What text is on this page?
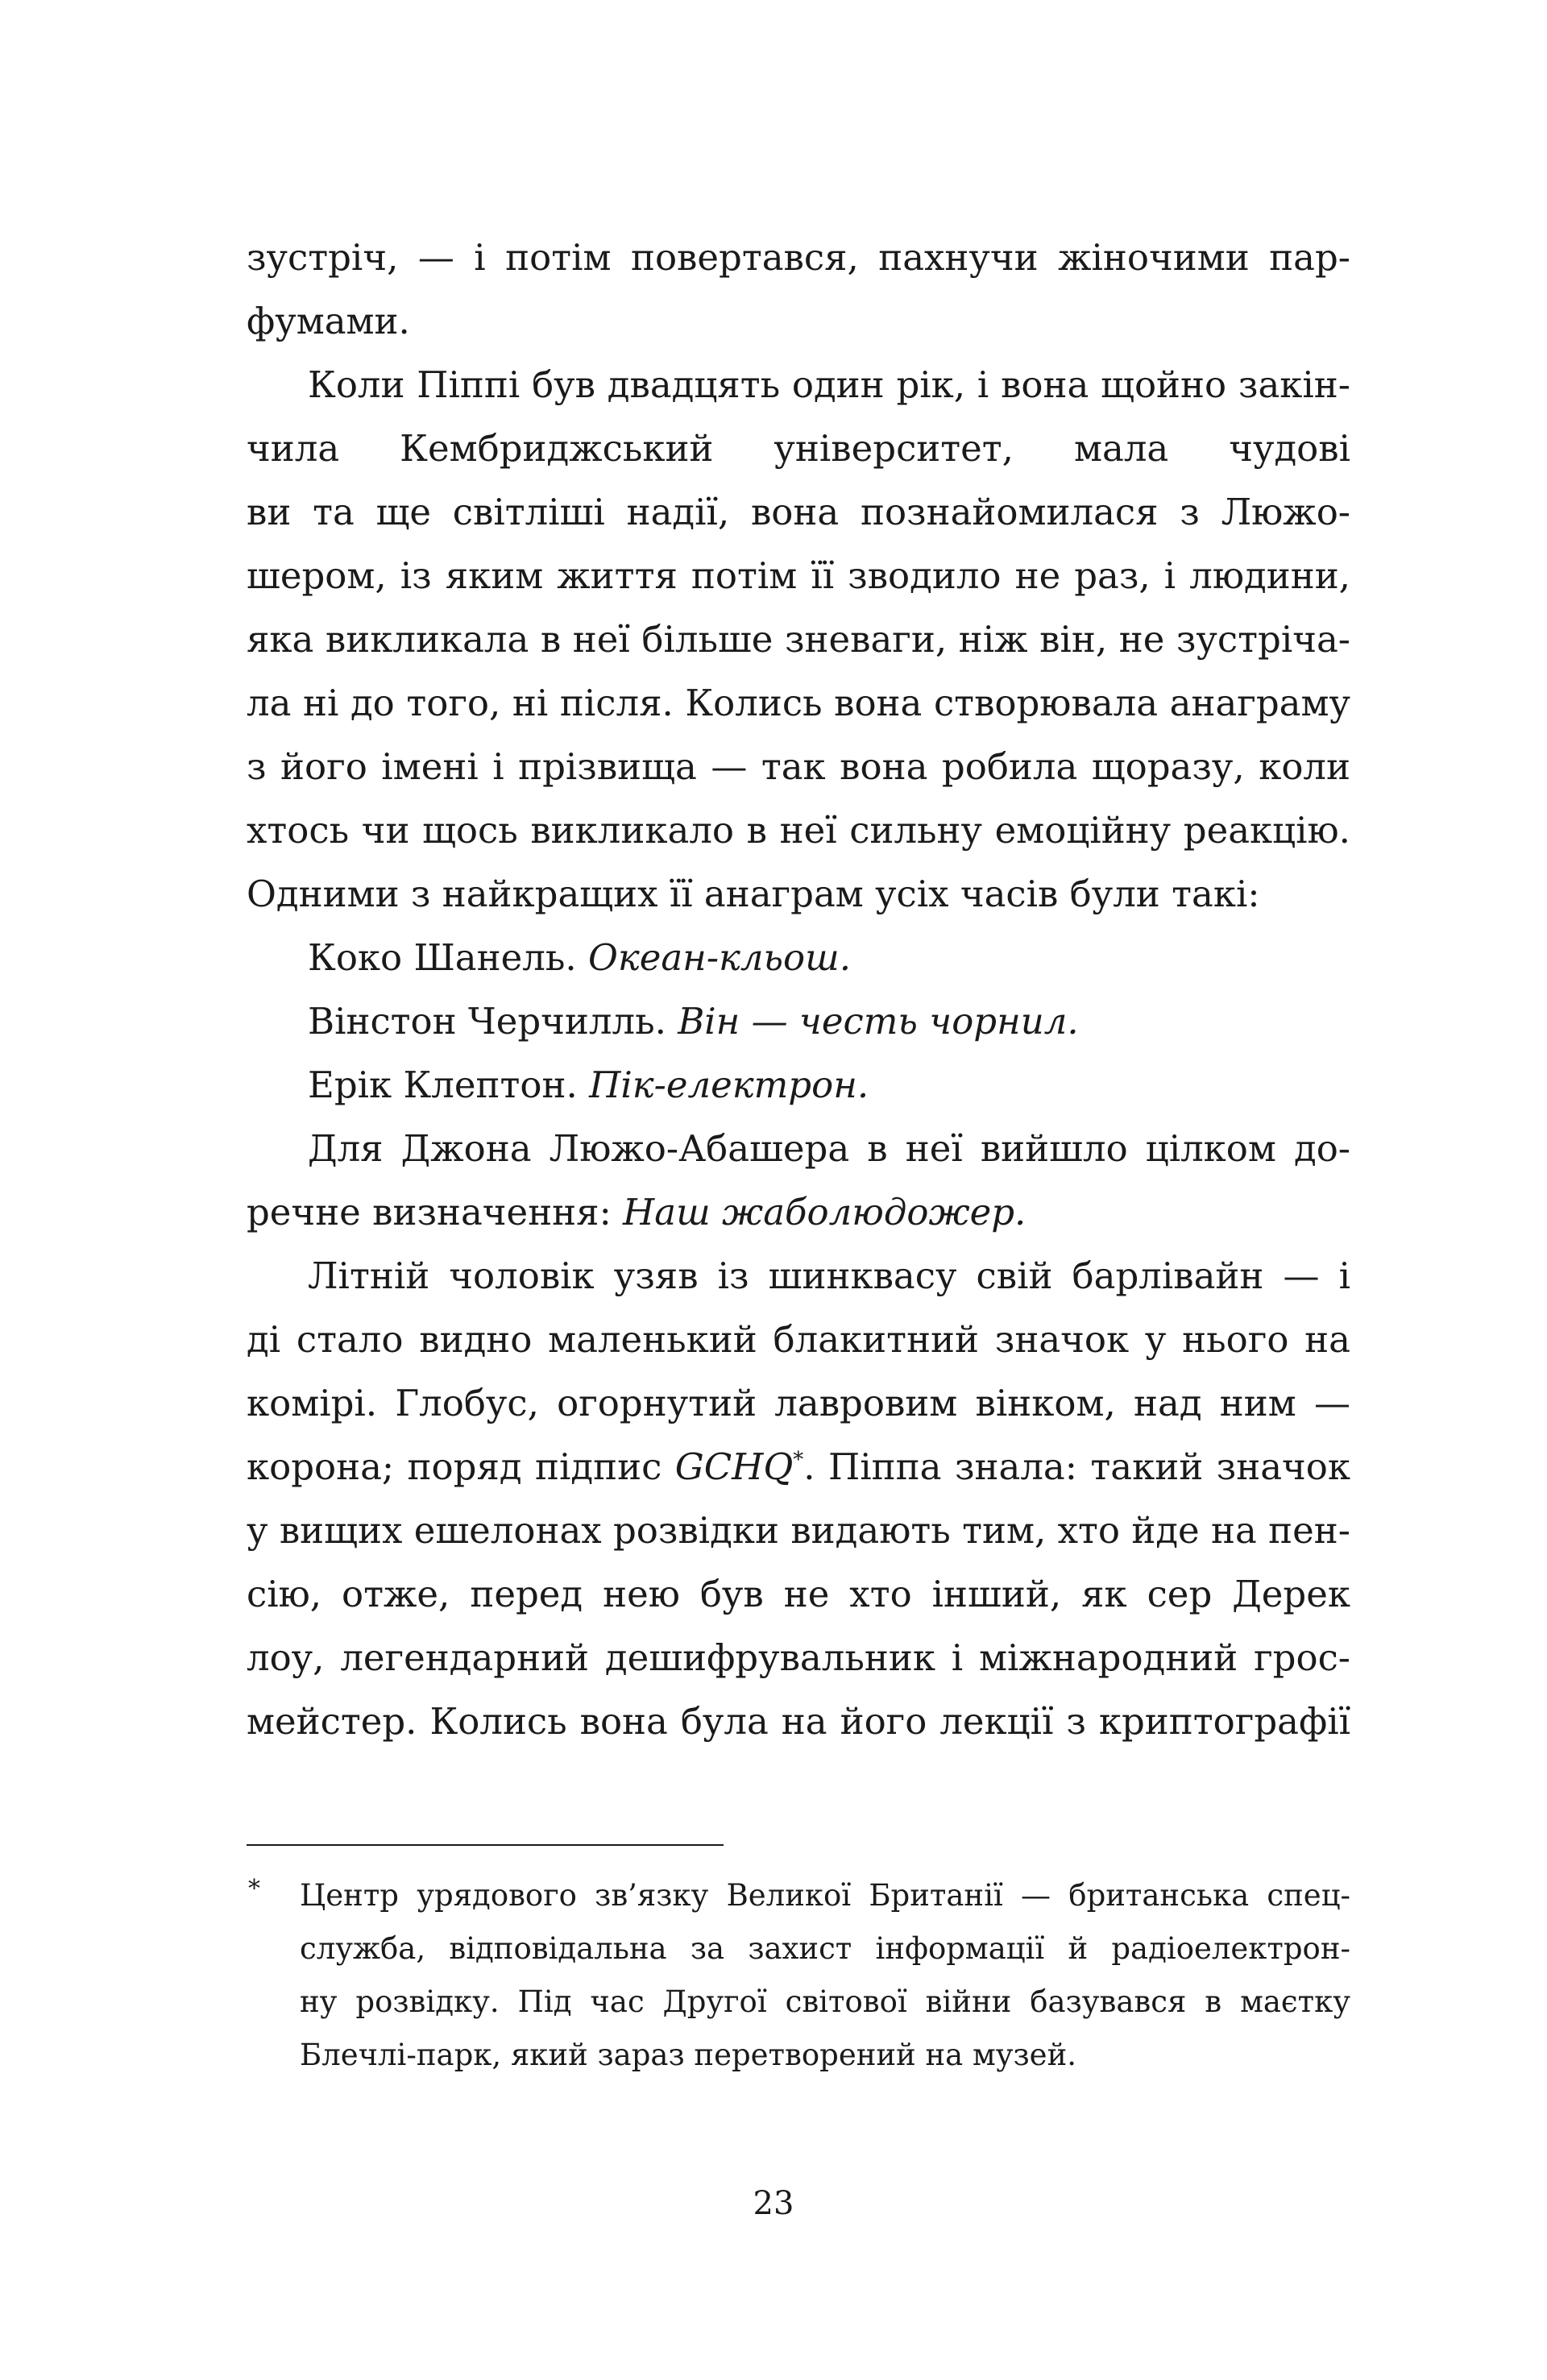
зустріч, — і потім повертався, пахнучи жіночими пар-
фумами.
Коли Піппі був двадцять один рік, і вона щойно закін-
чила Кембриджський університет, мала чудові
ви та ще світліші надії, вона познайомилася з Люжо-
шером, із яким життя потім її зводило не раз, і людини,
яка викликала в неї більше зневаги, ніж він, не зустріча-
ла ні до того, ні після. Колись вона створювала анаграму
з його імені і прізвища — так вона робила щоразу, коли
хтось чи щось викликало в неї сильну емоційну реакцію.
Одними з найкращих її анаграм усіх часів були такі:
Коко Шанель. Океан-кльош.
Вінстон Черчилль. Він — честь чорнил.
Ерік Клептон. Пік-електрон.
Для Джона Люжо-Абашера в неї вийшло цілком до-
речне визначення: Наш жаболюдожер.
Літній чоловік узяв із шинквасу свій барлівайн — і
ді стало видно маленький блакитний значок у нього на
комірі. Глобус, огорнутий лавровим вінком, над ним —
корона; поряд підпис GCHQ*. Піппа знала: такий значок
у вищих ешелонах розвідки видають тим, хто йде на пен-
сію, отже, перед нею був не хто інший, як сер Дерек
лоу, легендарний дешифрувальник і міжнародний грос-
мейстер. Колись вона була на його лекції з криптографії
* Центр урядового зв’язку Великої Британії — британська спец-
служба, відповідальна за захист інформації й радіоелектрон-
ну розвідку. Під час Другої світової війни базувався в маєтку
Блечлі-парк, який зараз перетворений на музей.
23
